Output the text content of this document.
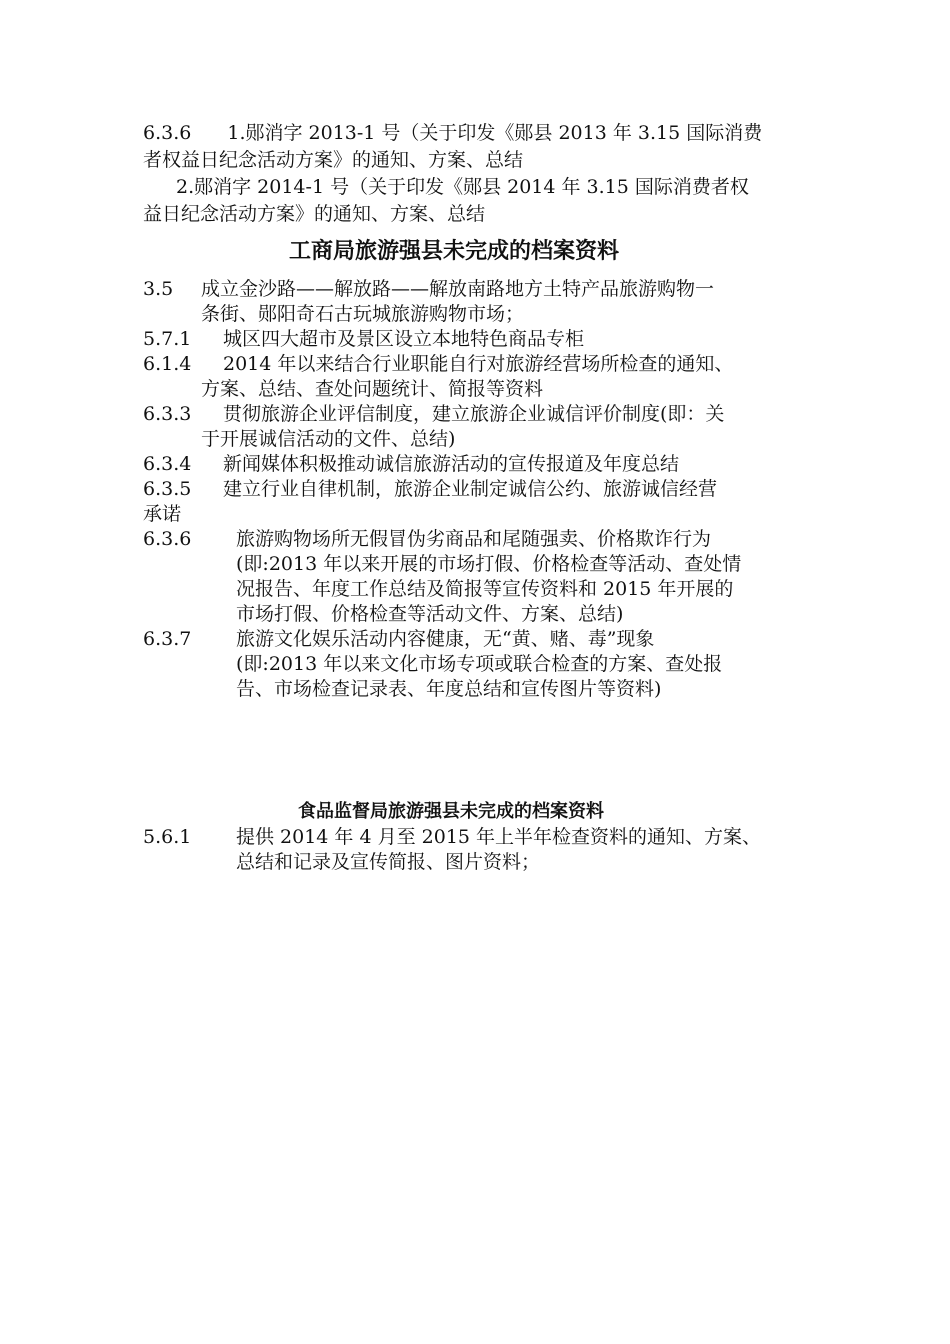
6.3.6 1.郧消字 2013-1 号（关于印发《郧县 2013 年 3.15 国际消费
者权益日纪念活动方案》的通知、方案、总结
2.郧消字 2014-1 号（关于印发《郧县 2014 年 3.15 国际消费者权
益日纪念活动方案》的通知、方案、总结
工商局旅游强县未完成的档案资料
3.5 成立金沙路——解放路——解放南路地方土特产品旅游购物一
条街、郧阳奇石古玩城旅游购物市场；
5.7.1 城区四大超市及景区设立本地特色商品专柜
6.1.4 2014 年以来结合行业职能自行对旅游经营场所检查的通知、
方案、总结、查处问题统计、简报等资料
6.3.3 贯彻旅游企业评信制度，建立旅游企业诚信评价制度(即：关
于开展诚信活动的文件、总结)
6.3.4 新闻媒体积极推动诚信旅游活动的宣传报道及年度总结
6.3.5 建立行业自律机制，旅游企业制定诚信公约、旅游诚信经营
承诺
6.3.6 旅游购物场所无假冒伪劣商品和尾随强卖、价格欺诈行为
(即:2013 年以来开展的市场打假、价格检查等活动、查处情
况报告、年度工作总结及简报等宣传资料和 2015 年开展的
市场打假、价格检查等活动文件、方案、总结)
6.3.7 旅游文化娱乐活动内容健康，无“黄、赌、毒”现象
(即:2013 年以来文化市场专项或联合检查的方案、查处报
告、市场检查记录表、年度总结和宣传图片等资料)
食品监督局旅游强县未完成的档案资料
5.6.1 提供 2014 年 4 月至 2015 年上半年检查资料的通知、方案、
总结和记录及宣传简报、图片资料；
